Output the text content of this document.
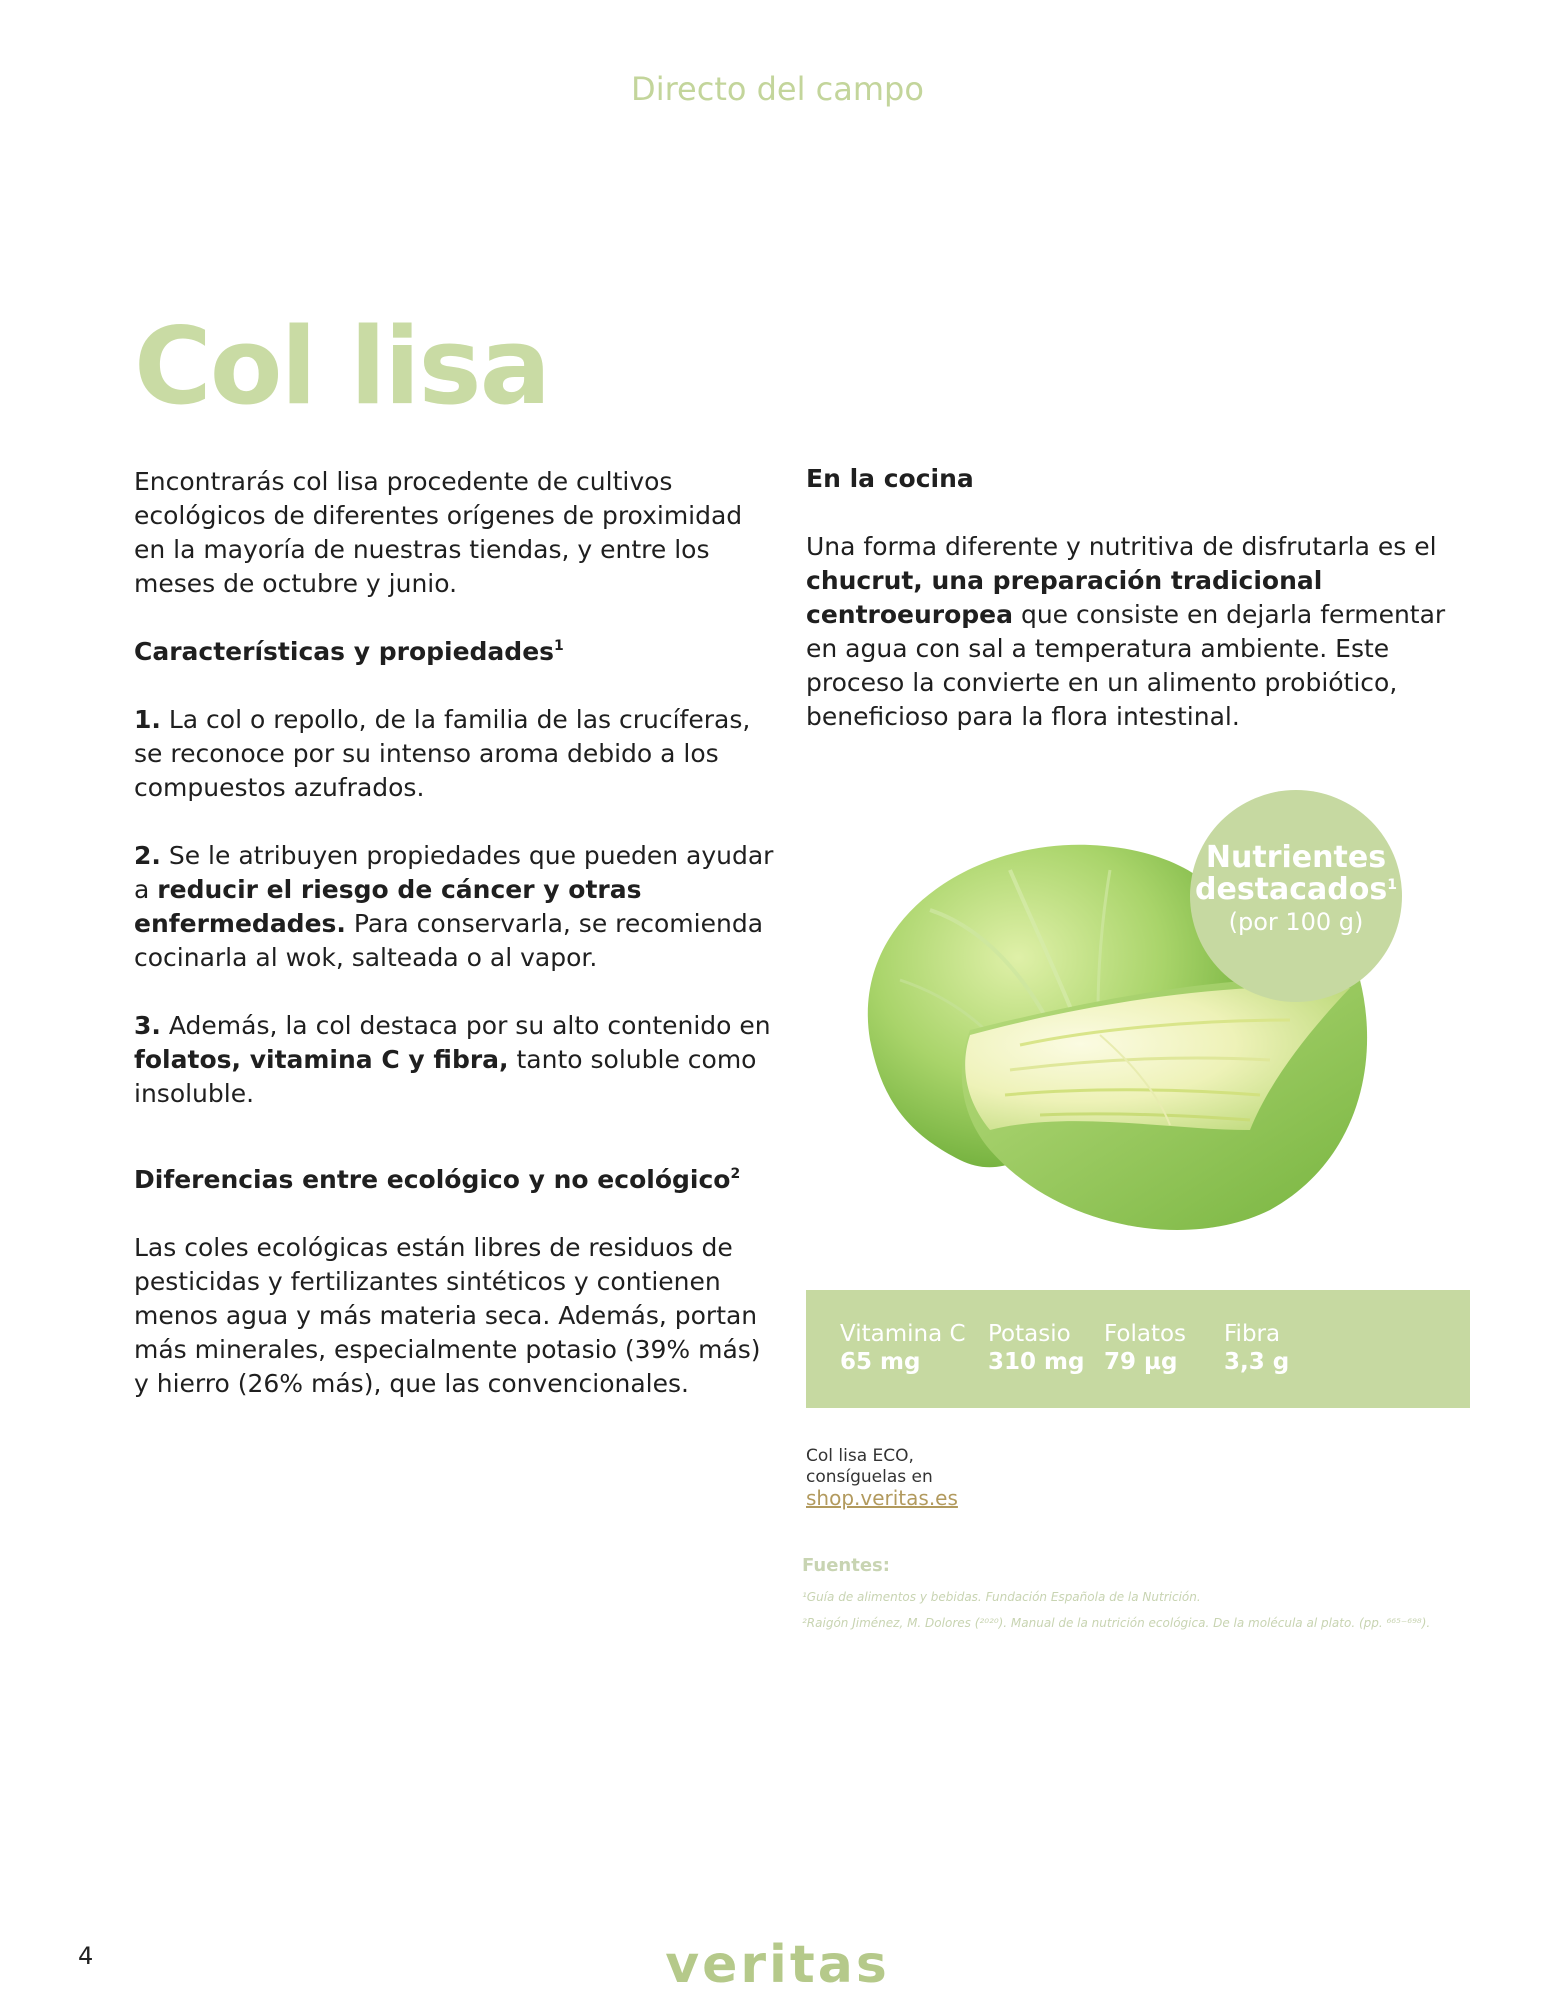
Directo del campo
Col lisa

Encontrarás col lisa procedente de cultivos ecológicos de diferentes orígenes de proximidad en la mayoría de nuestras tiendas, y entre los meses de octubre y junio.

Características y propiedades$^1$

1. La col o repollo, de la familia de las crucíferas, se reconoce por su intenso aroma debido a los compuestos azufrados.

2. Se le atribuyen propiedades que pueden ayudar a reducir el riesgo de cáncer y otras enfermedades. Para conservarla, se recomienda cocinarla al wok, salteada o al vapor.

3. Además, la col destaca por su alto contenido en folatos, vitamina C y fibra, tanto soluble como insoluble.

Diferencias entre ecológico y no ecológico$^2$

Las coles ecológicas están libres de residuos de pesticidas y fertilizantes sintéticos y contienen menos agua y más materia seca. Además, portan más minerales, especialmente potasio (39% más) y hierro (26% más), que las convencionales.

En la cocina

Una forma diferente y nutritiva de disfrutarla es el chucrut, una preparación tradicional centroeuropea que consiste en dejarla fermentar en agua con sal a temperatura ambiente. Este proceso la convierte en un alimento probiótico, beneficioso para la flora intestinal.

Nutrientes
destacados$^1$
(por 100 g)
Vitamina C
65 mg
Potasio
310 mg
Folatos
79 µg
Fibra
3,3 g
Col lisa ECO,
consíguelas en
shop.veritas.es
Fuentes:
¹Guía de alimentos y bebidas. Fundación Española de la Nutrición.
²Raigón Jiménez, M. Dolores (²⁰²⁰). Manual de la nutrición ecológica. De la molécula al plato. (pp. ⁶⁶⁵⁻⁶⁹⁸).
4	veritas
